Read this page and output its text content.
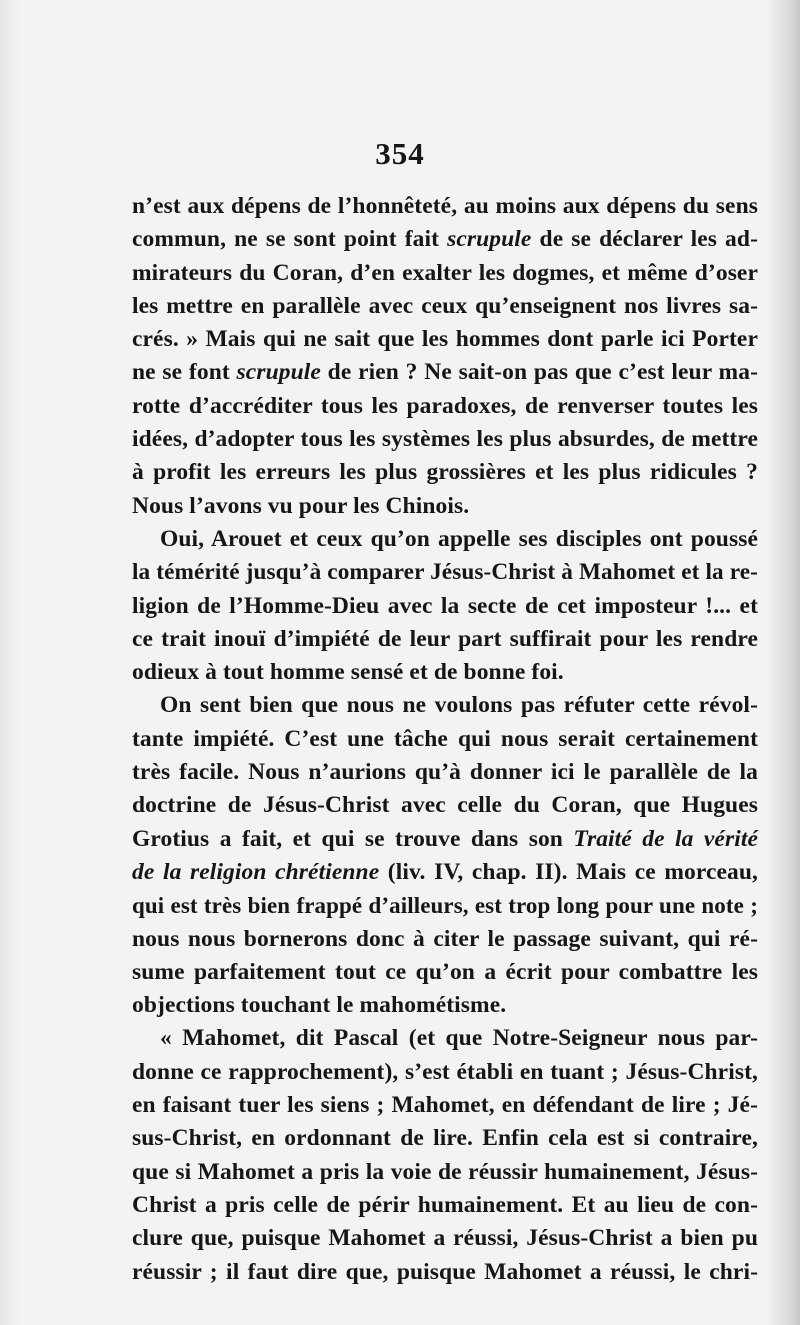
354
n’est aux dépens de l’honnêteté, au moins aux dépens du sens
commun, ne se sont point fait scrupule de se déclarer les ad-
mirateurs du Coran, d’en exalter les dogmes, et même d’oser
les mettre en parallèle avec ceux qu’enseignent nos livres sa-
crés. » Mais qui ne sait que les hommes dont parle ici Porter
ne se font scrupule de rien ? Ne sait-on pas que c’est leur ma-
rotte d’accréditer tous les paradoxes, de renverser toutes les
idées, d’adopter tous les systèmes les plus absurdes, de mettre
à profit les erreurs les plus grossières et les plus ridicules ?
Nous l’avons vu pour les Chinois.
Oui, Arouet et ceux qu’on appelle ses disciples ont poussé
la témérité jusqu’à comparer Jésus-Christ à Mahomet et la re-
ligion de l’Homme-Dieu avec la secte de cet imposteur !... et
ce trait inouï d’impiété de leur part suffirait pour les rendre
odieux à tout homme sensé et de bonne foi.
On sent bien que nous ne voulons pas réfuter cette révol-
tante impiété. C’est une tâche qui nous serait certainement
très facile. Nous n’aurions qu’à donner ici le parallèle de la
doctrine de Jésus-Christ avec celle du Coran, que Hugues
Grotius a fait, et qui se trouve dans son Traité de la vérité
de la religion chrétienne (liv. IV, chap. II). Mais ce morceau,
qui est très bien frappé d’ailleurs, est trop long pour une note ;
nous nous bornerons donc à citer le passage suivant, qui ré-
sume parfaitement tout ce qu’on a écrit pour combattre les
objections touchant le mahométisme.
« Mahomet, dit Pascal (et que Notre-Seigneur nous par-
donne ce rapprochement), s’est établi en tuant ; Jésus-Christ,
en faisant tuer les siens ; Mahomet, en défendant de lire ; Jé-
sus-Christ, en ordonnant de lire. Enfin cela est si contraire,
que si Mahomet a pris la voie de réussir humainement, Jésus-
Christ a pris celle de périr humainement. Et au lieu de con-
clure que, puisque Mahomet a réussi, Jésus-Christ a bien pu
réussir ; il faut dire que, puisque Mahomet a réussi, le chri-
